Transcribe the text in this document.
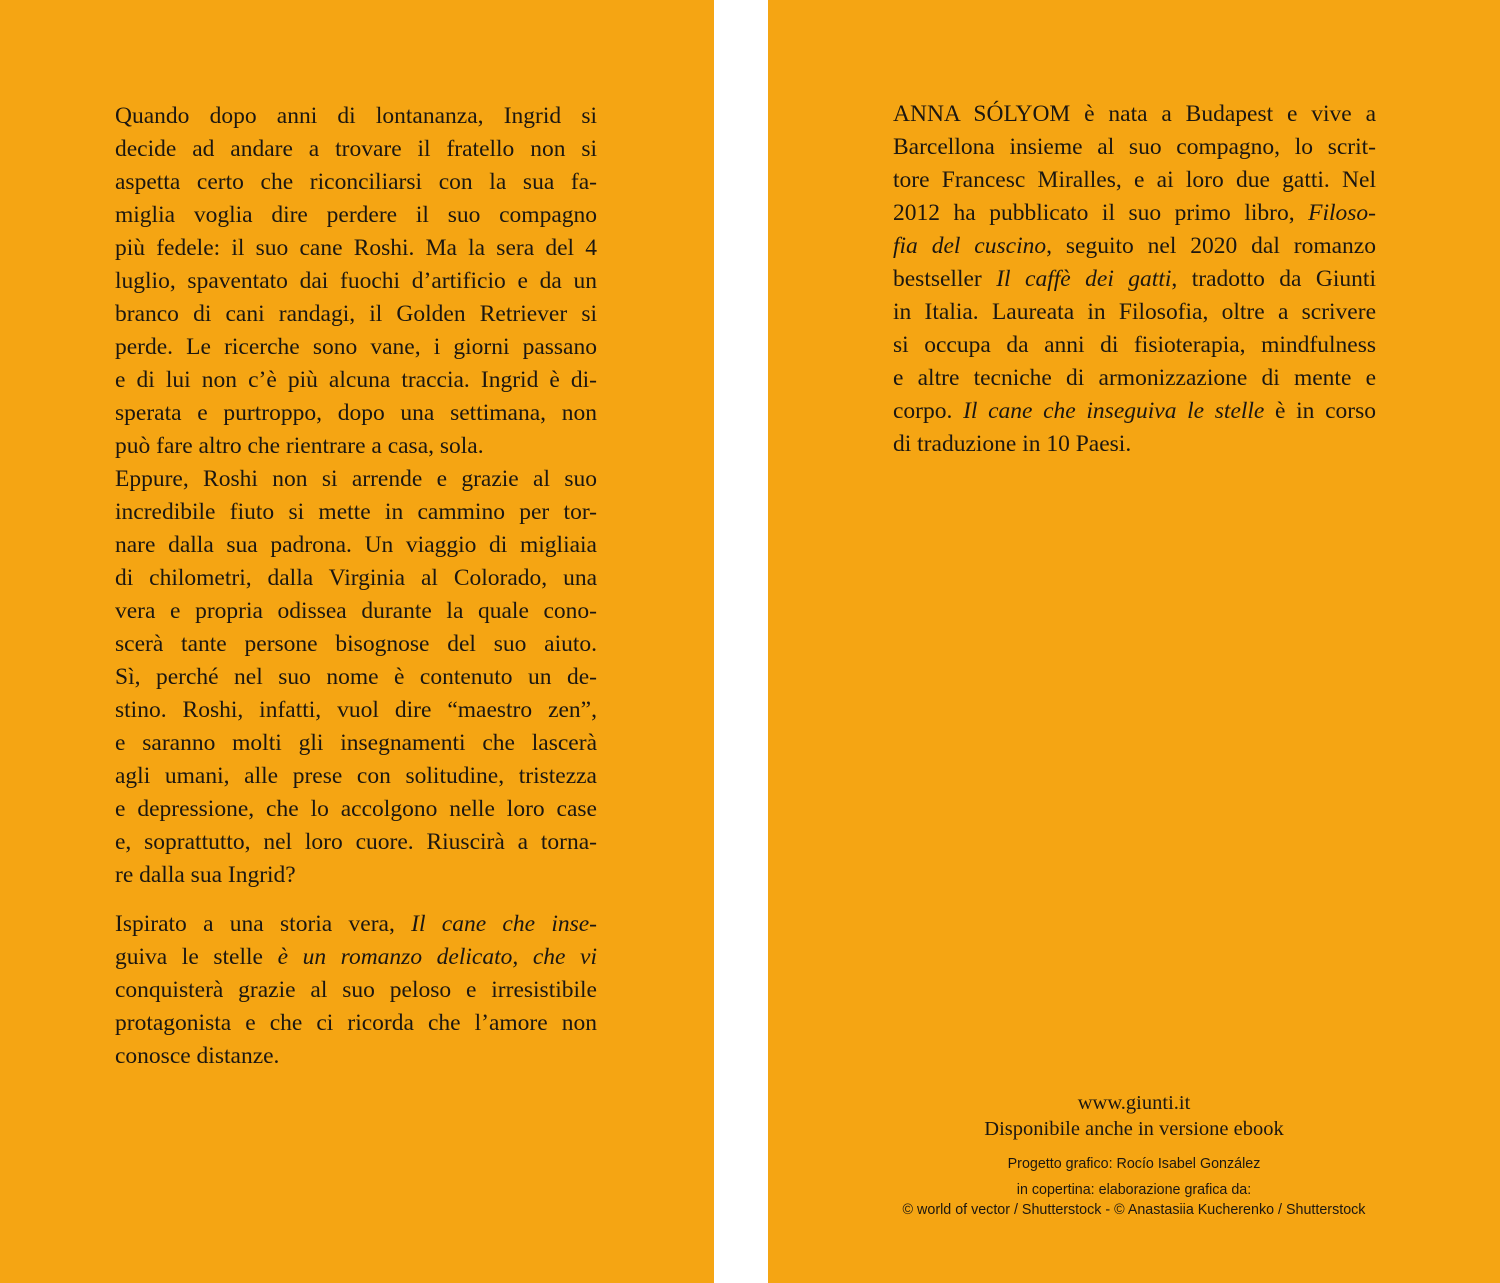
Quando dopo anni di lontananza, Ingrid si
decide ad andare a trovare il fratello non si
aspetta certo che riconciliarsi con la sua fa-
miglia voglia dire perdere il suo compagno
più fedele: il suo cane Roshi. Ma la sera del 4
luglio, spaventato dai fuochi d’artificio e da un
branco di cani randagi, il Golden Retriever si
perde. Le ricerche sono vane, i giorni passano
e di lui non c’è più alcuna traccia. Ingrid è di-
sperata e purtroppo, dopo una settimana, non
può fare altro che rientrare a casa, sola.
Eppure, Roshi non si arrende e grazie al suo
incredibile fiuto si mette in cammino per tor-
nare dalla sua padrona. Un viaggio di migliaia
di chilometri, dalla Virginia al Colorado, una
vera e propria odissea durante la quale cono-
scerà tante persone bisognose del suo aiuto.
Sì, perché nel suo nome è contenuto un de-
stino. Roshi, infatti, vuol dire “maestro zen”,
e saranno molti gli insegnamenti che lascerà
agli umani, alle prese con solitudine, tristezza
e depressione, che lo accolgono nelle loro case
e, soprattutto, nel loro cuore. Riuscirà a torna-
re dalla sua Ingrid?
Ispirato a una storia vera, Il cane che inse-
guiva le stelle è un romanzo delicato, che vi
conquisterà grazie al suo peloso e irresistibile
protagonista e che ci ricorda che l’amore non
conosce distanze.
ANNA SÓLYOM è nata a Budapest e vive a
Barcellona insieme al suo compagno, lo scrit-
tore Francesc Miralles, e ai loro due gatti. Nel
2012 ha pubblicato il suo primo libro, Filoso-
fia del cuscino, seguito nel 2020 dal romanzo
bestseller Il caffè dei gatti, tradotto da Giunti
in Italia. Laureata in Filosofia, oltre a scrivere
si occupa da anni di fisioterapia, mindfulness
e altre tecniche di armonizzazione di mente e
corpo. Il cane che inseguiva le stelle è in corso
di traduzione in 10 Paesi.
www.giunti.it
Disponibile anche in versione ebook
Progetto grafico: Rocío Isabel González
in copertina: elaborazione grafica da:
© world of vector / Shutterstock - © Anastasiia Kucherenko / Shutterstock
